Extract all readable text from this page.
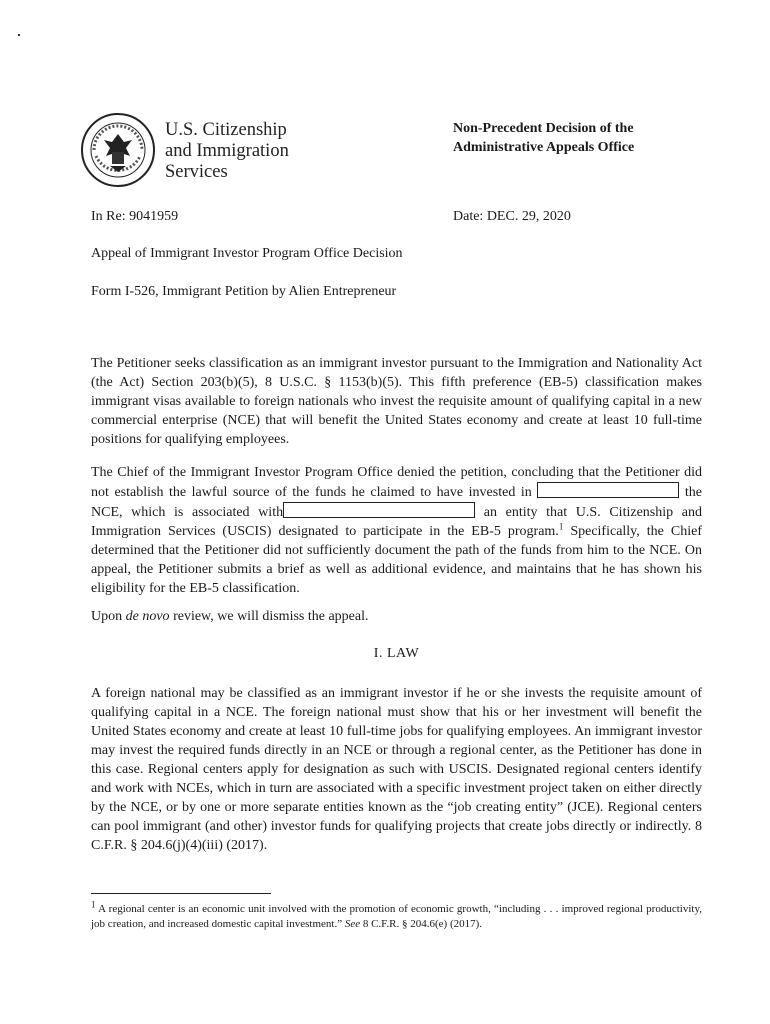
U.S. Citizenship
and Immigration
Services
Non-Precedent Decision of the
Administrative Appeals Office
In Re: 9041959	Date: DEC. 29, 2020
Appeal of Immigrant Investor Program Office Decision
Form I-526, Immigrant Petition by Alien Entrepreneur

The Petitioner seeks classification as an immigrant investor pursuant to the Immigration and Nationality Act (the Act) Section 203(b)(5), 8 U.S.C. § 1153(b)(5). This fifth preference (EB-5) classification makes immigrant visas available to foreign nationals who invest the requisite amount of qualifying capital in a new commercial enterprise (NCE) that will benefit the United States economy and create at least 10 full-time positions for qualifying employees.

The Chief of the Immigrant Investor Program Office denied the petition, concluding that the Petitioner did not establish the lawful source of the funds he claimed to have invested in	the NCE, which is associated with	an entity that U.S. Citizenship and Immigration Services (USCIS) designated to participate in the EB-5 program.$^1$ Specifically, the Chief determined that the Petitioner did not sufficiently document the path of the funds from him to the NCE. On appeal, the Petitioner submits a brief as well as additional evidence, and maintains that he has shown his eligibility for the EB-5 classification.

Upon de novo review, we will dismiss the appeal.

I. LAW

A foreign national may be classified as an immigrant investor if he or she invests the requisite amount of qualifying capital in a NCE. The foreign national must show that his or her investment will benefit the United States economy and create at least 10 full-time jobs for qualifying employees. An immigrant investor may invest the required funds directly in an NCE or through a regional center, as the Petitioner has done in this case. Regional centers apply for designation as such with USCIS. Designated regional centers identify and work with NCEs, which in turn are associated with a specific investment project taken on either directly by the NCE, or by one or more separate entities known as the “job creating entity” (JCE). Regional centers can pool immigrant (and other) investor funds for qualifying projects that create jobs directly or indirectly. 8 C.F.R. § 204.6(j)(4)(iii) (2017).

$^1$ A regional center is an economic unit involved with the promotion of economic growth, “including . . . improved regional productivity, job creation, and increased domestic capital investment.” See 8 C.F.R. § 204.6(e) (2017).
